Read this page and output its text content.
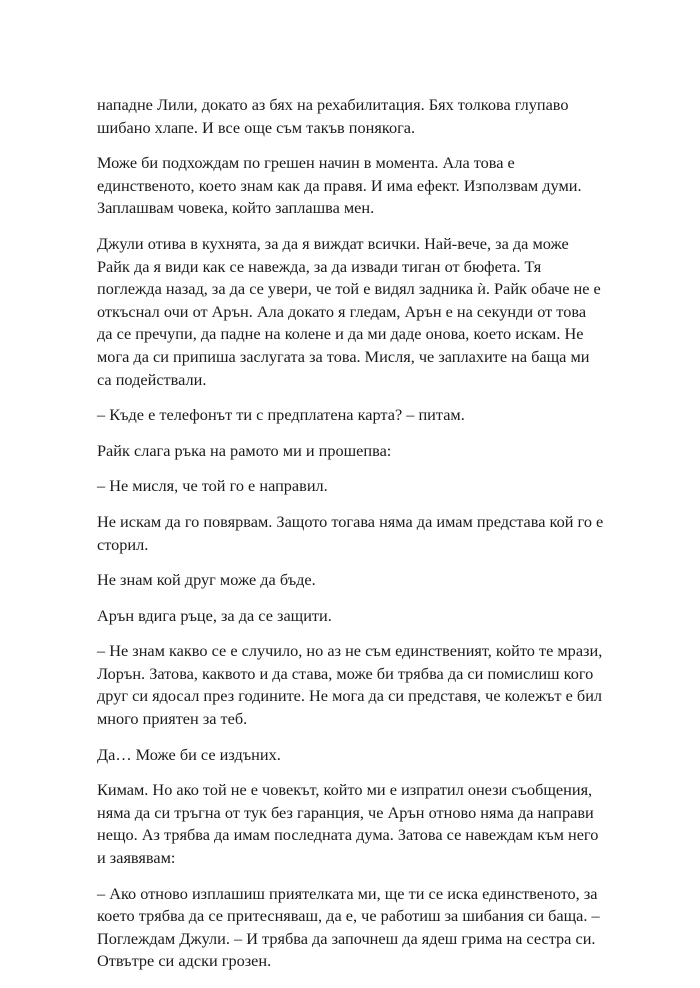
нападне Лили, докато аз бях на рехабилитация. Бях толкова глупаво
шибано хлапе. И все още съм такъв понякога.

Може би подхождам по грешен начин в момента. Ала това е
единственото, което знам как да правя. И има ефект. Използвам думи.
Заплашвам човека, който заплашва мен.

Джули отива в кухнята, за да я виждат всички. Най-вече, за да може
Райк да я види как се навежда, за да извади тиган от бюфета. Тя
поглежда назад, за да се увери, че той е видял задника ѝ. Райк обаче не е
откъснал очи от Арън. Ала докато я гледам, Арън е на секунди от това
да се пречупи, да падне на колене и да ми даде онова, което искам. Не
мога да си припиша заслугата за това. Мисля, че заплахите на баща ми
са подействали.

– Къде е телефонът ти с предплатена карта? – питам.

Райк слага ръка на рамото ми и прошепва:

– Не мисля, че той го е направил.

Не искам да го повярвам. Защото тогава няма да имам представа кой го е
сторил.

Не знам кой друг може да бъде.

Арън вдига ръце, за да се защити.

– Не знам какво се е случило, но аз не съм единственият, който те мрази,
Лорън. Затова, каквото и да става, може би трябва да си помислиш кого
друг си ядосал през годините. Не мога да си представя, че колежът е бил
много приятен за теб.

Да… Може би се издъних.

Кимам. Но ако той не е човекът, който ми е изпратил онези съобщения,
няма да си тръгна от тук без гаранция, че Арън отново няма да направи
нещо. Аз трябва да имам последната дума. Затова се навеждам към него
и заявявам:

– Ако отново изплашиш приятелката ми, ще ти се иска единственото, за
което трябва да се притесняваш, да е, че работиш за шибания си баща. –
Поглеждам Джули. – И трябва да започнеш да ядеш грима на сестра си.
Отвътре си адски грозен.
